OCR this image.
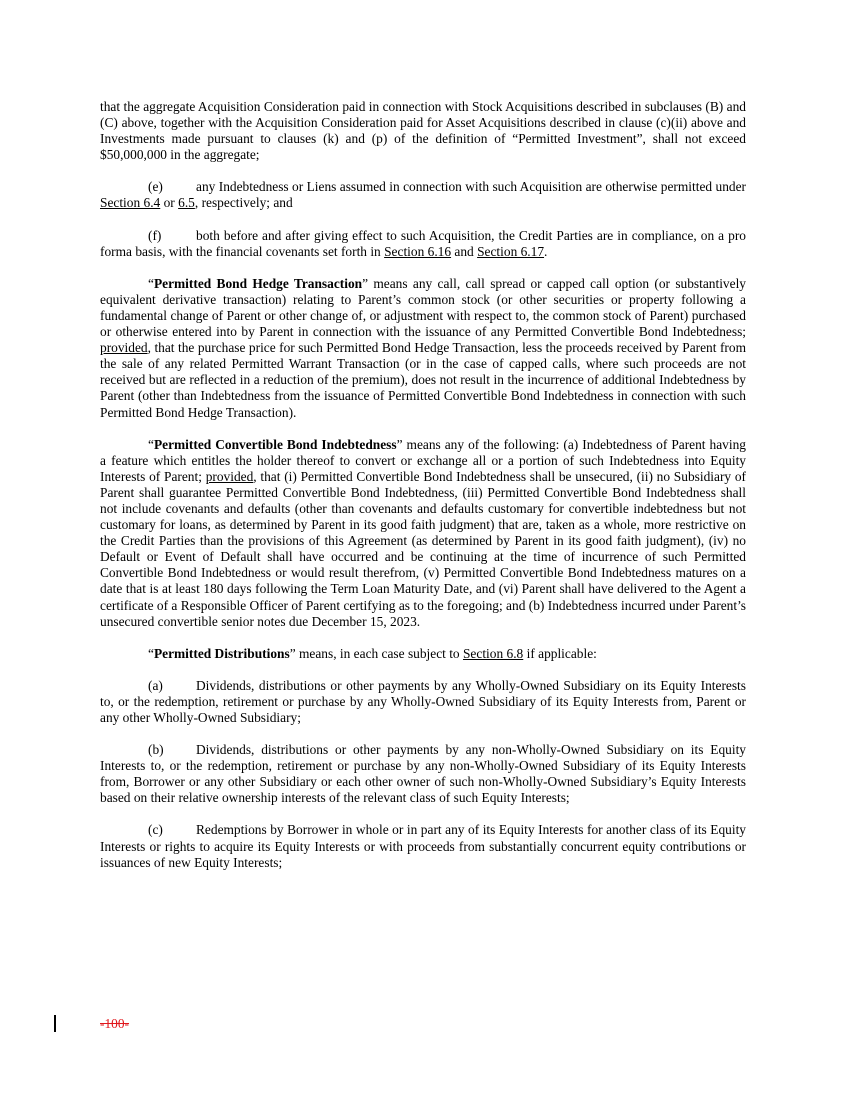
that the aggregate Acquisition Consideration paid in connection with Stock Acquisitions described in subclauses (B) and (C) above, together with the Acquisition Consideration paid for Asset Acquisitions described in clause (c)(ii) above and Investments made pursuant to clauses (k) and (p) of the definition of “Permitted Investment”, shall not exceed $50,000,000 in the aggregate;

(e) any Indebtedness or Liens assumed in connection with such Acquisition are otherwise permitted under Section 6.4 or 6.5, respectively; and

(f)	both before and after giving effect to such Acquisition, the Credit Parties are in compliance, on a pro forma basis, with the financial covenants set forth in Section 6.16 and Section 6.17.

“Permitted Bond Hedge Transaction” means any call, call spread or capped call option (or substantively equivalent derivative transaction) relating to Parent’s common stock (or other securities or property following a fundamental change of Parent or other change of, or adjustment with respect to, the common stock of Parent) purchased or otherwise entered into by Parent in connection with the issuance of any Permitted Convertible Bond Indebtedness; provided, that the purchase price for such Permitted Bond Hedge Transaction, less the proceeds received by Parent from the sale of any related Permitted Warrant Transaction (or in the case of capped calls, where such proceeds are not received but are reflected in a reduction of the premium), does not result in the incurrence of additional Indebtedness by Parent (other than Indebtedness from the issuance of Permitted Convertible Bond Indebtedness in connection with such Permitted Bond Hedge Transaction).

“Permitted Convertible Bond Indebtedness” means any of the following: (a) Indebtedness of Parent having a feature which entitles the holder thereof to convert or exchange all or a portion of such Indebtedness into Equity Interests of Parent; provided, that (i) Permitted Convertible Bond Indebtedness shall be unsecured, (ii) no Subsidiary of Parent shall guarantee Permitted Convertible Bond Indebtedness, (iii) Permitted Convertible Bond Indebtedness shall not include covenants and defaults (other than covenants and defaults customary for convertible indebtedness but not customary for loans, as determined by Parent in its good faith judgment) that are, taken as a whole, more restrictive on the Credit Parties than the provisions of this Agreement (as determined by Parent in its good faith judgment), (iv) no Default or Event of Default shall have occurred and be continuing at the time of incurrence of such Permitted Convertible Bond Indebtedness or would result therefrom, (v) Permitted Convertible Bond Indebtedness matures on a date that is at least 180 days following the Term Loan Maturity Date, and (vi) Parent shall have delivered to the Agent a certificate of a Responsible Officer of Parent certifying as to the foregoing; and (b) Indebtedness incurred under Parent’s unsecured convertible senior notes due December 15, 2023.

“Permitted Distributions” means, in each case subject to Section 6.8 if applicable:

(a) Dividends, distributions or other payments by any Wholly-Owned Subsidiary on its Equity Interests to, or the redemption, retirement or purchase by any Wholly-Owned Subsidiary of its Equity Interests from, Parent or any other Wholly-Owned Subsidiary;

(b) Dividends, distributions or other payments by any non-Wholly-Owned Subsidiary on its Equity Interests to, or the redemption, retirement or purchase by any non-Wholly-Owned Subsidiary of its Equity Interests from, Borrower or any other Subsidiary or each other owner of such non-Wholly-Owned Subsidiary’s Equity Interests based on their relative ownership interests of the relevant class of such Equity Interests;

(c) Redemptions by Borrower in whole or in part any of its Equity Interests for another class of its Equity Interests or rights to acquire its Equity Interests or with proceeds from substantially concurrent equity contributions or issuances of new Equity Interests;

-100-
